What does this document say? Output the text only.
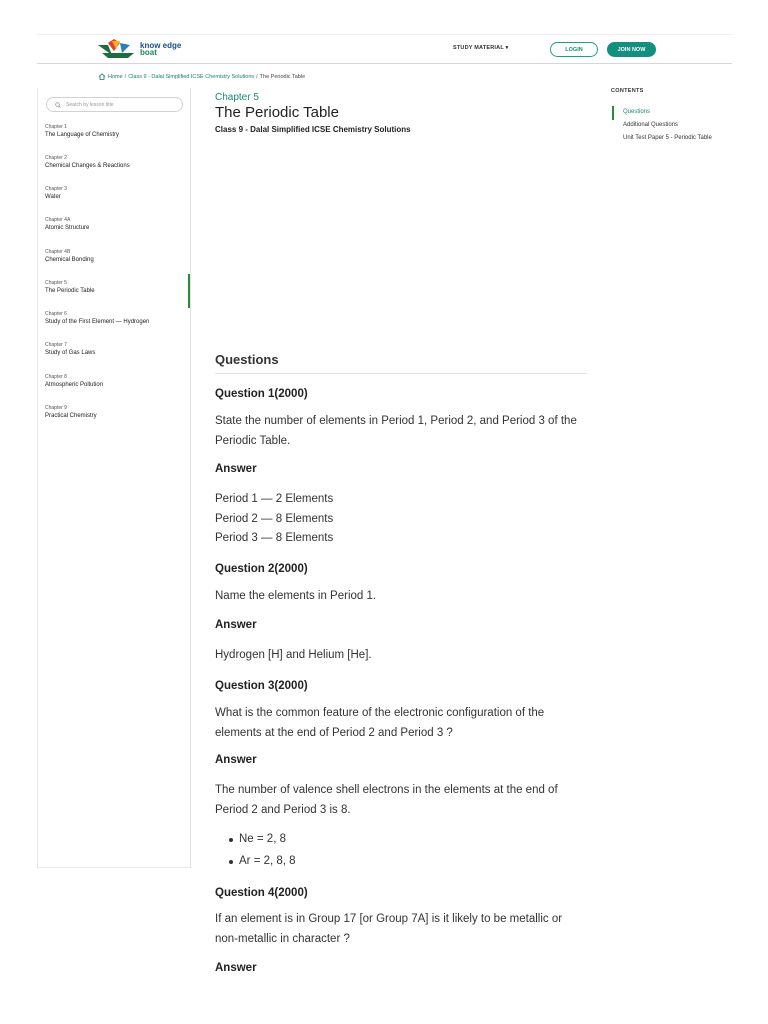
know edge
boat	STUDY MATERIAL ▾	LOGIN	JOIN NOW
Home / Class 9 - Dalal Simplified ICSE Chemistry Solutions / The Periodic Table
Search by lesson title
Chapter 1
The Language of Chemistry
Chapter 2
Chemical Changes & Reactions
Chapter 3
Water
Chapter 4A
Atomic Structure
Chapter 4B
Chemical Bonding
Chapter 5
The Periodic Table
Chapter 6
Study of the First Element — Hydrogen
Chapter 7
Study of Gas Laws
Chapter 8
Atmospheric Pollution
Chapter 9
Practical Chemistry
Chapter 5
The Periodic Table
Class 9 - Dalal Simplified ICSE Chemistry Solutions
Questions
Question 1(2000)
State the number of elements in Period 1, Period 2, and Period 3 of the Periodic Table.
Answer
Period 1 — 2 Elements
Period 2 — 8 Elements
Period 3 — 8 Elements
Question 2(2000)
Name the elements in Period 1.
Answer
Hydrogen [H] and Helium [He].
Question 3(2000)
What is the common feature of the electronic configuration of the elements at the end of Period 2 and Period 3 ?
Answer
The number of valence shell electrons in the elements at the end of Period 2 and Period 3 is 8.
Ne = 2, 8
Ar = 2, 8, 8
Question 4(2000)
If an element is in Group 17 [or Group 7A] is it likely to be metallic or non-metallic in character ?
Answer
CONTENTS
Questions
Additional Questions
Unit Test Paper 5 - Periodic Table
